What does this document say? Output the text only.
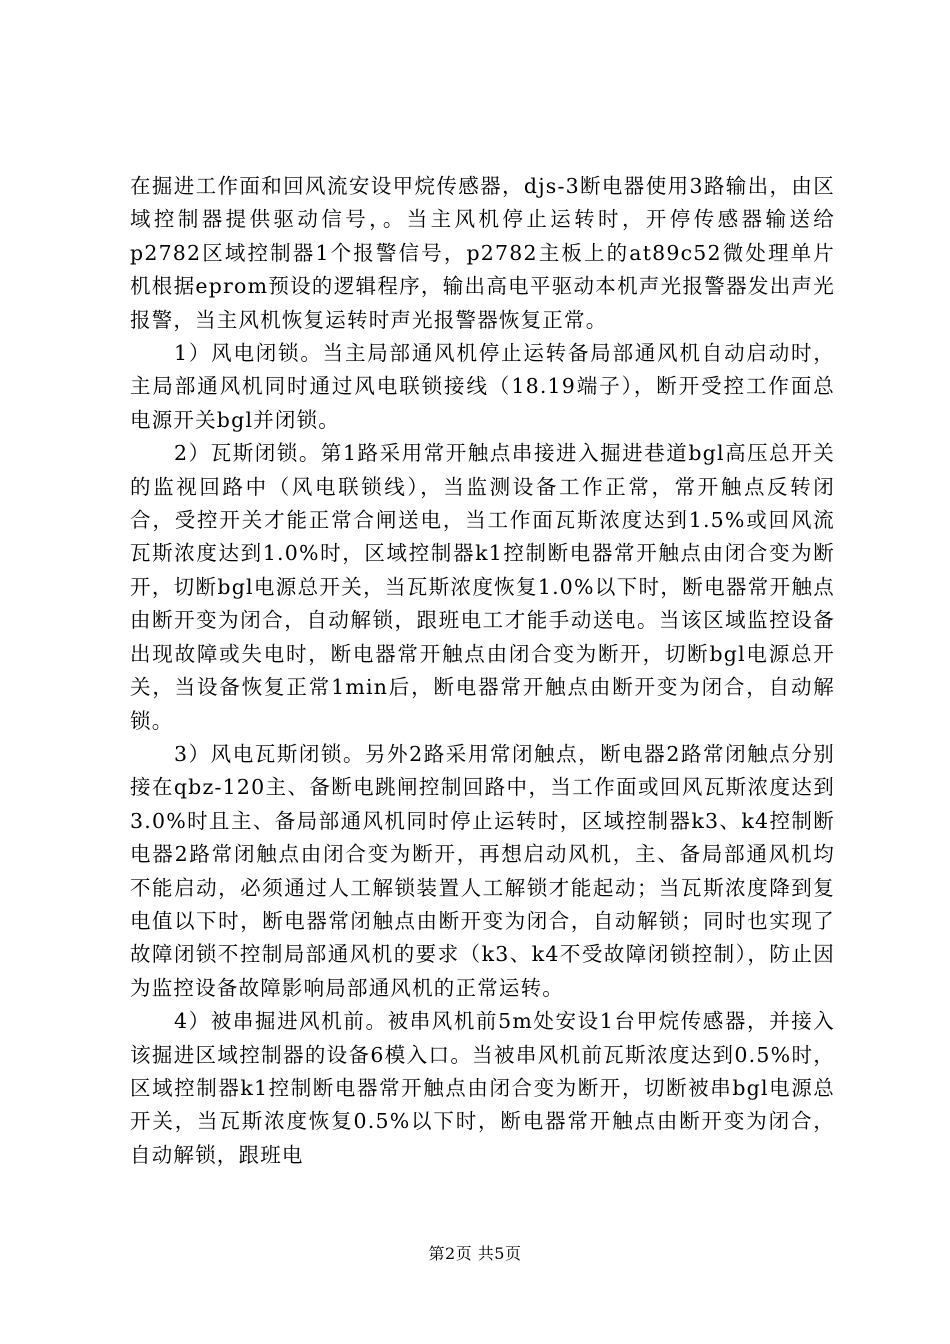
在掘进工作面和回风流安设甲烷传感器，djs-3断电器使用3路输出，由区域控制器提供驱动信号，。当主风机停止运转时，开停传感器输送给p2782区域控制器1个报警信号，p2782主板上的at89c52微处理单片机根据eprom预设的逻辑程序，输出高电平驱动本机声光报警器发出声光报警，当主风机恢复运转时声光报警器恢复正常。

1）风电闭锁。当主局部通风机停止运转备局部通风机自动启动时，主局部通风机同时通过风电联锁接线（18.19端子），断开受控工作面总电源开关bgl并闭锁。

2）瓦斯闭锁。第1路采用常开触点串接进入掘进巷道bgl高压总开关的监视回路中（风电联锁线），当监测设备工作正常，常开触点反转闭合，受控开关才能正常合闸送电，当工作面瓦斯浓度达到1.5%或回风流瓦斯浓度达到1.0%时，区域控制器k1控制断电器常开触点由闭合变为断开，切断bgl电源总开关，当瓦斯浓度恢复1.0%以下时，断电器常开触点由断开变为闭合，自动解锁，跟班电工才能手动送电。当该区域监控设备出现故障或失电时，断电器常开触点由闭合变为断开，切断bgl电源总开关，当设备恢复正常1min后，断电器常开触点由断开变为闭合，自动解锁。

3）风电瓦斯闭锁。另外2路采用常闭触点，断电器2路常闭触点分别接在qbz-120主、备断电跳闸控制回路中，当工作面或回风瓦斯浓度达到3.0%时且主、备局部通风机同时停止运转时，区域控制器k3、k4控制断电器2路常闭触点由闭合变为断开，再想启动风机，主、备局部通风机均不能启动，必须通过人工解锁装置人工解锁才能起动；当瓦斯浓度降到复电值以下时，断电器常闭触点由断开变为闭合，自动解锁；同时也实现了故障闭锁不控制局部通风机的要求（k3、k4不受故障闭锁控制），防止因为监控设备故障影响局部通风机的正常运转。

4）被串掘进风机前。被串风机前5m处安设1台甲烷传感器，并接入该掘进区域控制器的设备6模入口。当被串风机前瓦斯浓度达到0.5%时，区域控制器k1控制断电器常开触点由闭合变为断开，切断被串bgl电源总开关，当瓦斯浓度恢复0.5%以下时，断电器常开触点由断开变为闭合，自动解锁，跟班电

第2页 共5页
